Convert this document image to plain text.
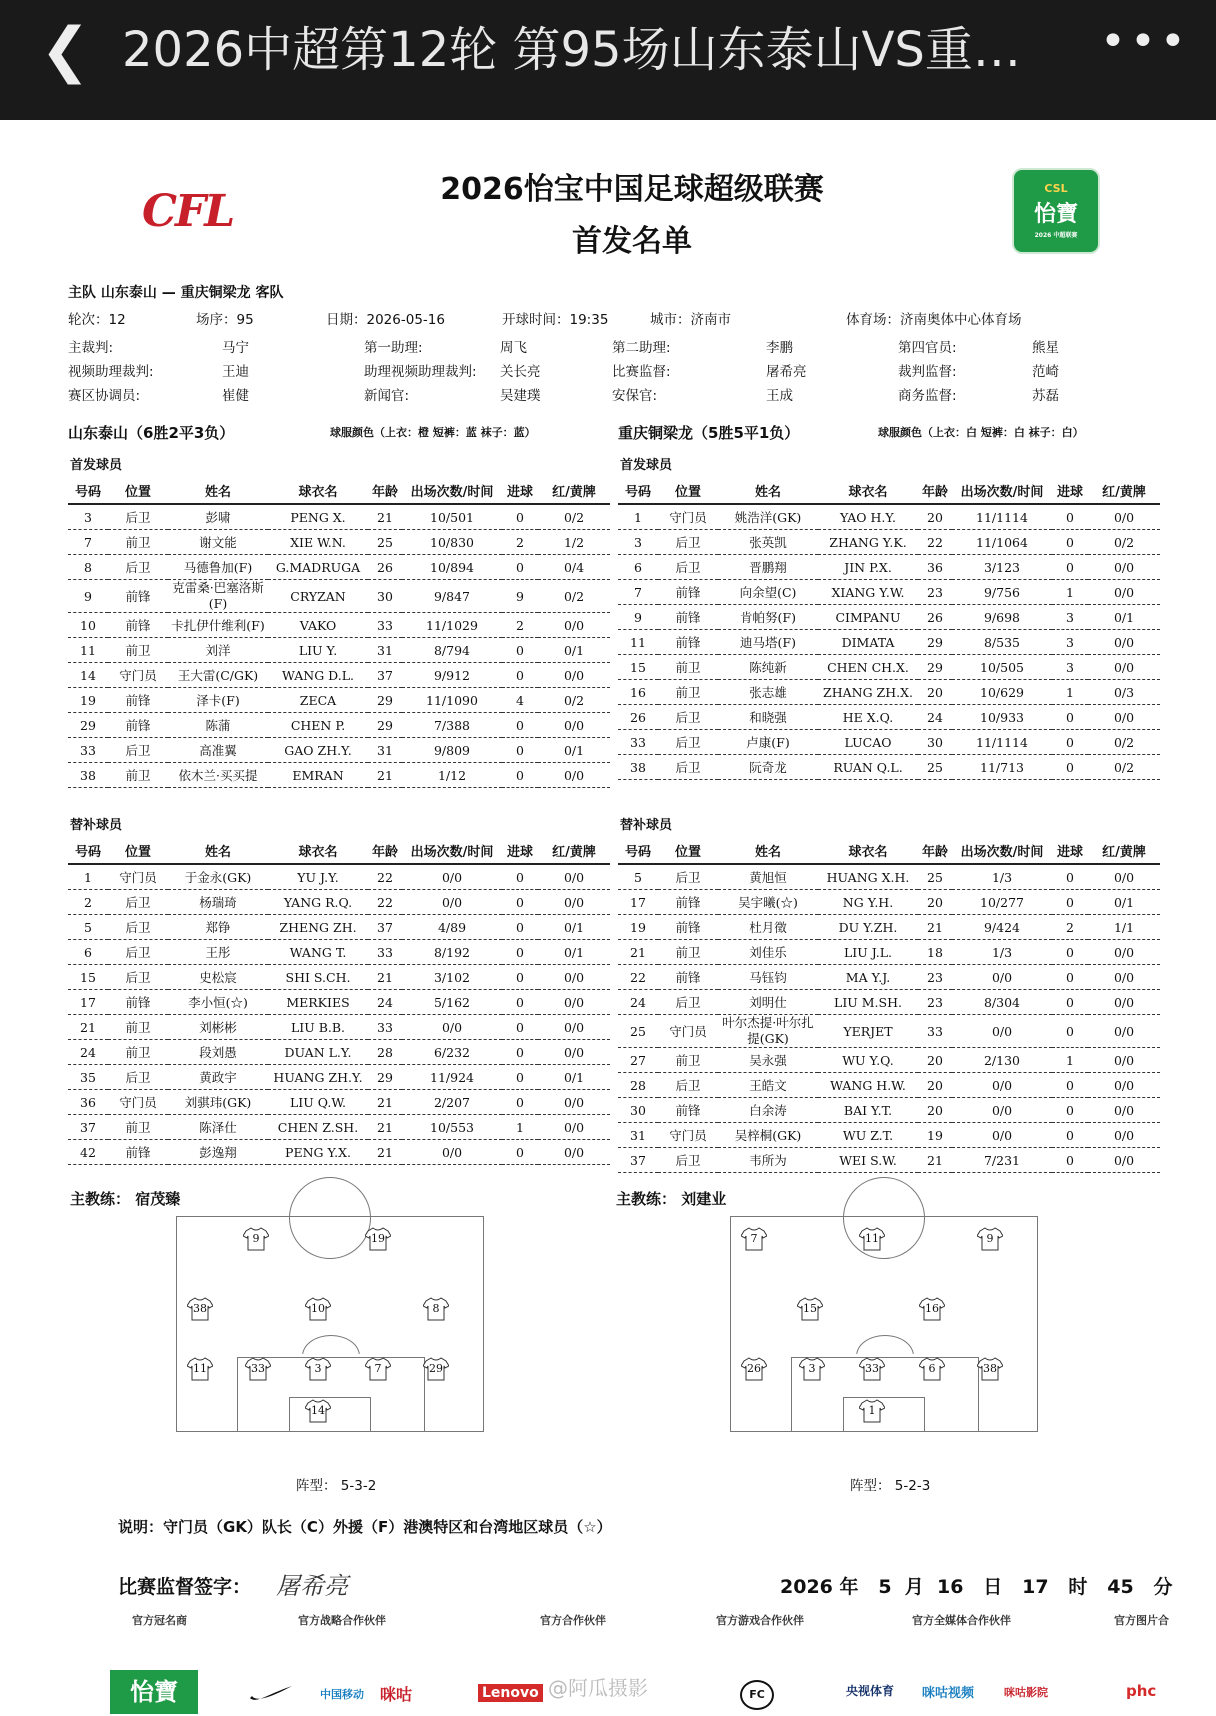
❮ 2026中超第12轮 第95场山东泰山VS重… •••
CFL	CSL
怡寶
2026 中超联赛
2026怡宝中国足球超级联赛
首发名单
主队 山东泰山 — 重庆铜梁龙 客队
轮次：12	场序：95	日期：2026-05-16	开球时间：19:35	城市：济南市	体育场：济南奥体中心体育场
主裁判:	马宁	第一助理:	周飞	第二助理:	李鹏	第四官员:	熊星
视频助理裁判:	王迪	助理视频助理裁判: 关长亮	比赛监督:	屠希亮	裁判监督:	范崎
赛区协调员:	崔健	新闻官:	吴建璞	安保官:	王成	商务监督:	苏磊
山东泰山（6胜2平3负）	球服颜色（上衣：橙 短裤：蓝 袜子：蓝）	重庆铜梁龙（5胜5平1负）	球服颜色（上衣：白 短裤：白 袜子：白）
首发球员	首发球员
替补球员	替补球员
号码	位置	姓名	球衣名	年龄	出场次数/时间	进球	红/黄牌
3	后卫	彭啸	PENG X.	21	10/501	0	0/2
7	前卫	谢文能	XIE W.N.	25	10/830	2	1/2
8	后卫	马德鲁加(F)	G.MADRUGA	26	10/894	0	0/4
9	前锋	克雷桑·巴塞洛斯(F)	CRYZAN	30	9/847	9	0/2
10	前锋	卡扎伊什维利(F)	VAKO	33	11/1029	2	0/0
11	前卫	刘洋	LIU Y.	31	8/794	0	0/1
14	守门员	王大雷(C/GK)	WANG D.L.	37	9/912	0	0/0
19	前锋	泽卡(F)	ZECA	29	11/1090	4	0/2
29	前锋	陈蒲	CHEN P.	29	7/388	0	0/0
33	后卫	高准翼	GAO ZH.Y.	31	9/809	0	0/1
38	前卫	依木兰·买买提	EMRAN	21	1/12	0	0/0
号码	位置	姓名	球衣名	年龄	出场次数/时间	进球	红/黄牌
1	守门员	姚浩洋(GK)	YAO H.Y.	20	11/1114	0	0/0
3	后卫	张英凯	ZHANG Y.K.	22	11/1064	0	0/2
6	后卫	晋鹏翔	JIN P.X.	36	3/123	0	0/0
7	前锋	向余望(C)	XIANG Y.W.	23	9/756	1	0/0
9	前锋	肯帕努(F)	CIMPANU	26	9/698	3	0/1
11	前锋	迪马塔(F)	DIMATA	29	8/535	3	0/0
15	前卫	陈纯新	CHEN CH.X.	29	10/505	3	0/0
16	前卫	张志雄	ZHANG ZH.X.	20	10/629	1	0/3
26	后卫	和晓强	HE X.Q.	24	10/933	0	0/0
33	后卫	卢康(F)	LUCAO	30	11/1114	0	0/2
38	后卫	阮奇龙	RUAN Q.L.	25	11/713	0	0/2
号码	位置	姓名	球衣名	年龄	出场次数/时间	进球	红/黄牌
1	守门员	于金永(GK)	YU J.Y.	22	0/0	0	0/0
2	后卫	杨瑞琦	YANG R.Q.	22	0/0	0	0/0
5	后卫	郑铮	ZHENG ZH.	37	4/89	0	0/1
6	后卫	王彤	WANG T.	33	8/192	0	0/1
15	后卫	史松宸	SHI S.CH.	21	3/102	0	0/0
17	前锋	李小恒(☆)	MERKIES	24	5/162	0	0/0
21	前卫	刘彬彬	LIU B.B.	33	0/0	0	0/0
24	前卫	段刘愚	DUAN L.Y.	28	6/232	0	0/0
35	后卫	黄政宇	HUANG ZH.Y.	29	11/924	0	0/1
36	守门员	刘骐玮(GK)	LIU Q.W.	21	2/207	0	0/0
37	前卫	陈泽仕	CHEN Z.SH.	21	10/553	1	0/0
42	前锋	彭逸翔	PENG Y.X.	21	0/0	0	0/0
号码	位置	姓名	球衣名	年龄	出场次数/时间	进球	红/黄牌
5	后卫	黄旭恒	HUANG X.H.	25	1/3	0	0/0
17	前锋	吴宇曦(☆)	NG Y.H.	20	10/277	0	0/1
19	前锋	杜月徵	DU Y.ZH.	21	9/424	2	1/1
21	前卫	刘佳乐	LIU J.L.	18	1/3	0	0/0
22	前锋	马钰钧	MA Y.J.	23	0/0	0	0/0
24	后卫	刘明仕	LIU M.SH.	23	8/304	0	0/0
25	守门员	叶尔杰提·叶尔扎提(GK)	YERJET	33	0/0	0	0/0
27	前卫	吴永强	WU Y.Q.	20	2/130	1	0/0
28	后卫	王皓文	WANG H.W.	20	0/0	0	0/0
30	前锋	白余涛	BAI Y.T.	20	0/0	0	0/0
31	守门员	吴梓桐(GK)	WU Z.T.	19	0/0	0	0/0
37	后卫	韦所为	WEI S.W.	21	7/231	0	0/0
主教练： 宿茂臻	主教练： 刘建业
9	19
38	10	8
11	33	3	7	29
14
7	11	9
15	16
26	3	33	6	38
1
阵型： 5-3-2	阵型： 5-2-3
说明：守门员（GK）队长（C）外援（F）港澳特区和台湾地区球员（☆）
比赛监督签字： 屠希亮	2026 年   5  月  16   日   17   时   45   分
官方冠名商	官方战略合作伙伴	官方合作伙伴	官方游戏合作伙伴	官方全媒体合作伙伴	官方图片合
怡寶	中国移动 咪咕	Lenovo @阿瓜摄影	FC	央视体育 咪咕视频	咪咕影院	phc
